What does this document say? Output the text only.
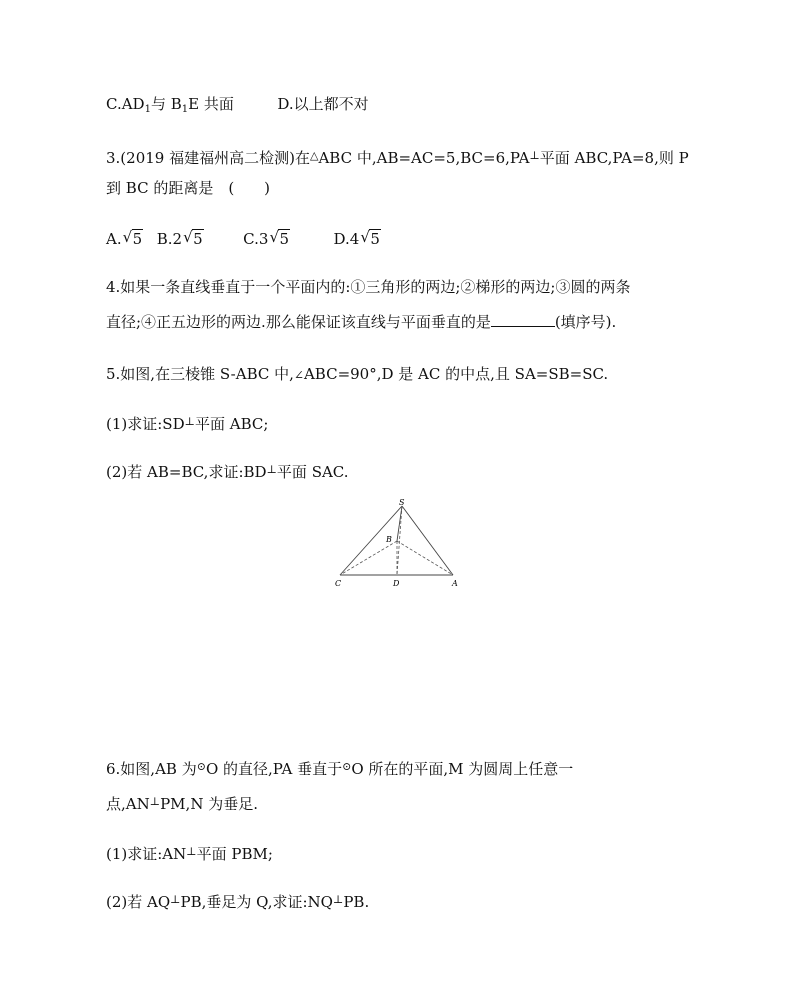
$C.AD_1$与 $B_1E$ 共面	D.以上都不对
3.(2019 福建福州高二检测)在△ABC 中,AB=AC=5,BC=6,PA⊥平面 ABC,PA=8,则 P
到 BC 的距离是　(　　)
A. √ 5 B.2 √ 5	C.3 √ 5	D.4 √ 5
4.如果一条直线垂直于一个平面内的:①三角形的两边;②梯形的两边;③圆的两条
直径;④正五边形的两边.那么能保证该直线与平面垂直的是	(填序号).
5.如图,在三棱锥 S-ABC 中,∠ABC=90°,D 是 AC 的中点,且 SA=SB=SC.
(1)求证:SD⊥平面 ABC;
(2)若 AB=BC,求证:BD⊥平面 SAC.
S
B
C	D	A
6.如图,AB 为⊙O 的直径,PA 垂直于⊙O 所在的平面,M 为圆周上任意一
点,AN⊥PM,N 为垂足.
(1)求证:AN⊥平面 PBM;
(2)若 AQ⊥PB,垂足为 Q,求证:NQ⊥PB.
